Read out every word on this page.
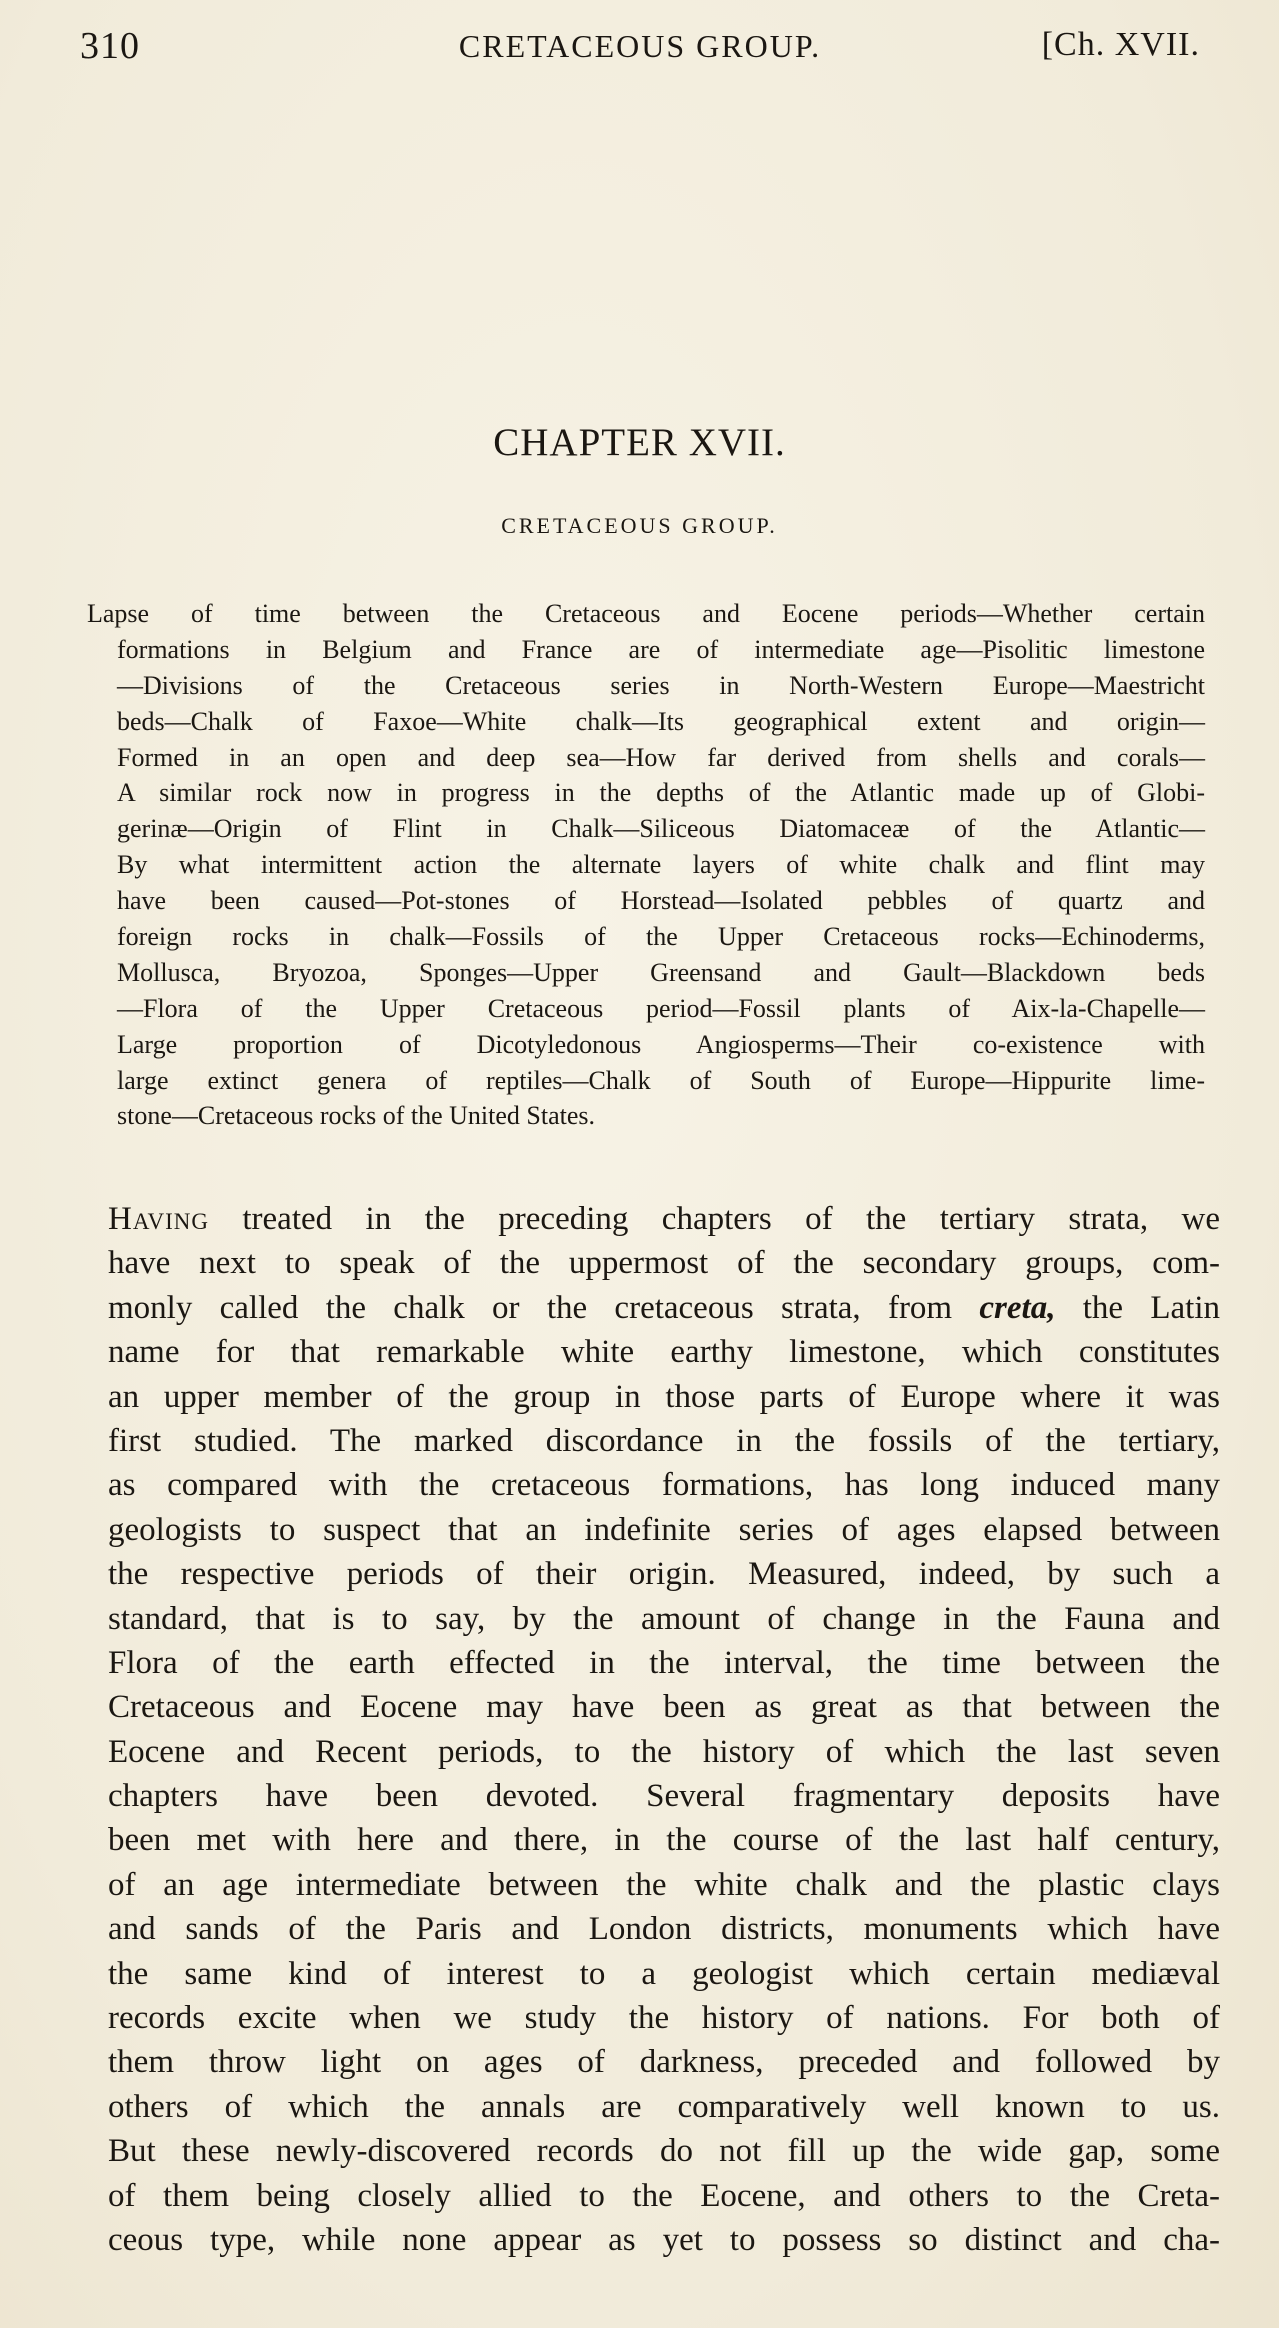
310	CRETACEOUS GROUP.	[Ch. XVII.
CHAPTER XVII.
CRETACEOUS GROUP.
Lapse of time between the Cretaceous and Eocene periods—Whether certain
formations in Belgium and France are of intermediate age—Pisolitic limestone
—Divisions of the Cretaceous series in North-Western Europe—Maestricht
beds—Chalk of Faxoe—White chalk—Its geographical extent and origin—
Formed in an open and deep sea—How far derived from shells and corals—
A similar rock now in progress in the depths of the Atlantic made up of Globi-
gerinæ—Origin of Flint in Chalk—Siliceous Diatomaceæ of the Atlantic—
By what intermittent action the alternate layers of white chalk and flint may
have been caused—Pot-stones of Horstead—Isolated pebbles of quartz and
foreign rocks in chalk—Fossils of the Upper Cretaceous rocks—Echinoderms,
Mollusca, Bryozoa, Sponges—Upper Greensand and Gault—Blackdown beds
—Flora of the Upper Cretaceous period—Fossil plants of Aix-la-Chapelle—
Large proportion of Dicotyledonous Angiosperms—Their co-existence with
large extinct genera of reptiles—Chalk of South of Europe—Hippurite lime-
stone—Cretaceous rocks of the United States.
Having treated in the preceding chapters of the tertiary strata, we
have next to speak of the uppermost of the secondary groups, com-
monly called the chalk or the cretaceous strata, from creta, the Latin
name for that remarkable white earthy limestone, which constitutes
an upper member of the group in those parts of Europe where it was
first studied. The marked discordance in the fossils of the tertiary,
as compared with the cretaceous formations, has long induced many
geologists to suspect that an indefinite series of ages elapsed between
the respective periods of their origin. Measured, indeed, by such a
standard, that is to say, by the amount of change in the Fauna and
Flora of the earth effected in the interval, the time between the
Cretaceous and Eocene may have been as great as that between the
Eocene and Recent periods, to the history of which the last seven
chapters have been devoted. Several fragmentary deposits have
been met with here and there, in the course of the last half century,
of an age intermediate between the white chalk and the plastic clays
and sands of the Paris and London districts, monuments which have
the same kind of interest to a geologist which certain mediæval
records excite when we study the history of nations. For both of
them throw light on ages of darkness, preceded and followed by
others of which the annals are comparatively well known to us.
But these newly-discovered records do not fill up the wide gap, some
of them being closely allied to the Eocene, and others to the Creta-
ceous type, while none appear as yet to possess so distinct and cha-
